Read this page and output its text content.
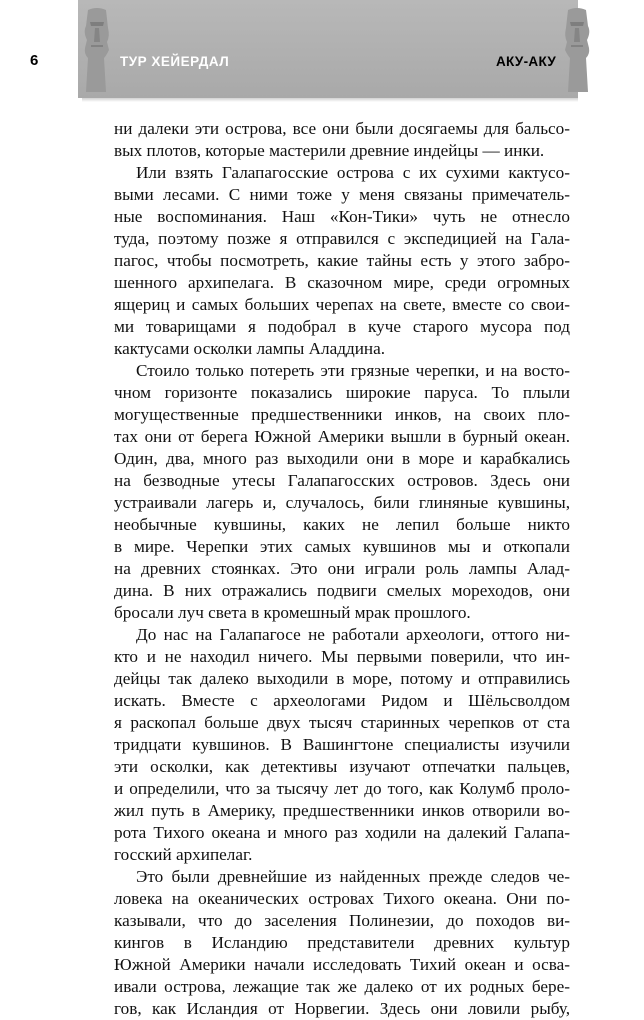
6	ТУР ХЕЙЕРДАЛ	АКУ-АКУ

ни далеки эти острова, все они были досягаемы для бальсо-
вых плотов, которые мастерили древние индейцы — инки.

Или взять Галапагосские острова с их сухими кактусо-
выми лесами. С ними тоже у меня связаны примечатель-
ные воспоминания. Наш «Кон-Тики» чуть не отнесло
туда, поэтому позже я отправился с экспедицией на Гала-
пагос, чтобы посмотреть, какие тайны есть у этого забро-
шенного архипелага. В сказочном мире, среди огромных
ящериц и самых больших черепах на свете, вместе со свои-
ми товарищами я подобрал в куче старого мусора под
кактусами осколки лампы Аладдина.

Стоило только потереть эти грязные черепки, и на восто-
чном горизонте показались широкие паруса. То плыли
могущественные предшественники инков, на своих пло-
тах они от берега Южной Америки вышли в бурный океан.
Один, два, много раз выходили они в море и карабкались
на безводные утесы Галапагосских островов. Здесь они
устраивали лагерь и, случалось, били глиняные кувшины,
необычные кувшины, каких не лепил больше никто
в мире. Черепки этих самых кувшинов мы и откопали
на древних стоянках. Это они играли роль лампы Алад-
дина. В них отражались подвиги смелых мореходов, они
бросали луч света в кромешный мрак прошлого.

До нас на Галапагосе не работали археологи, оттого ни-
кто и не находил ничего. Мы первыми поверили, что ин-
дейцы так далеко выходили в море, потому и отправились
искать. Вместе с археологами Ридом и Шёльсволдом
я раскопал больше двух тысяч старинных черепков от ста
тридцати кувшинов. В Вашингтоне специалисты изучили
эти осколки, как детективы изучают отпечатки пальцев,
и определили, что за тысячу лет до того, как Колумб проло-
жил путь в Америку, предшественники инков отворили во-
рота Тихого океана и много раз ходили на далекий Галапа-
госский архипелаг.

Это были древнейшие из найденных прежде следов че-
ловека на океанических островах Тихого океана. Они по-
казывали, что до заселения Полинезии, до походов ви-
кингов в Исландию представители древних культур
Южной Америки начали исследовать Тихий океан и осва-
ивали острова, лежащие так же далеко от их родных бере-
гов, как Исландия от Норвегии. Здесь они ловили рыбу,
